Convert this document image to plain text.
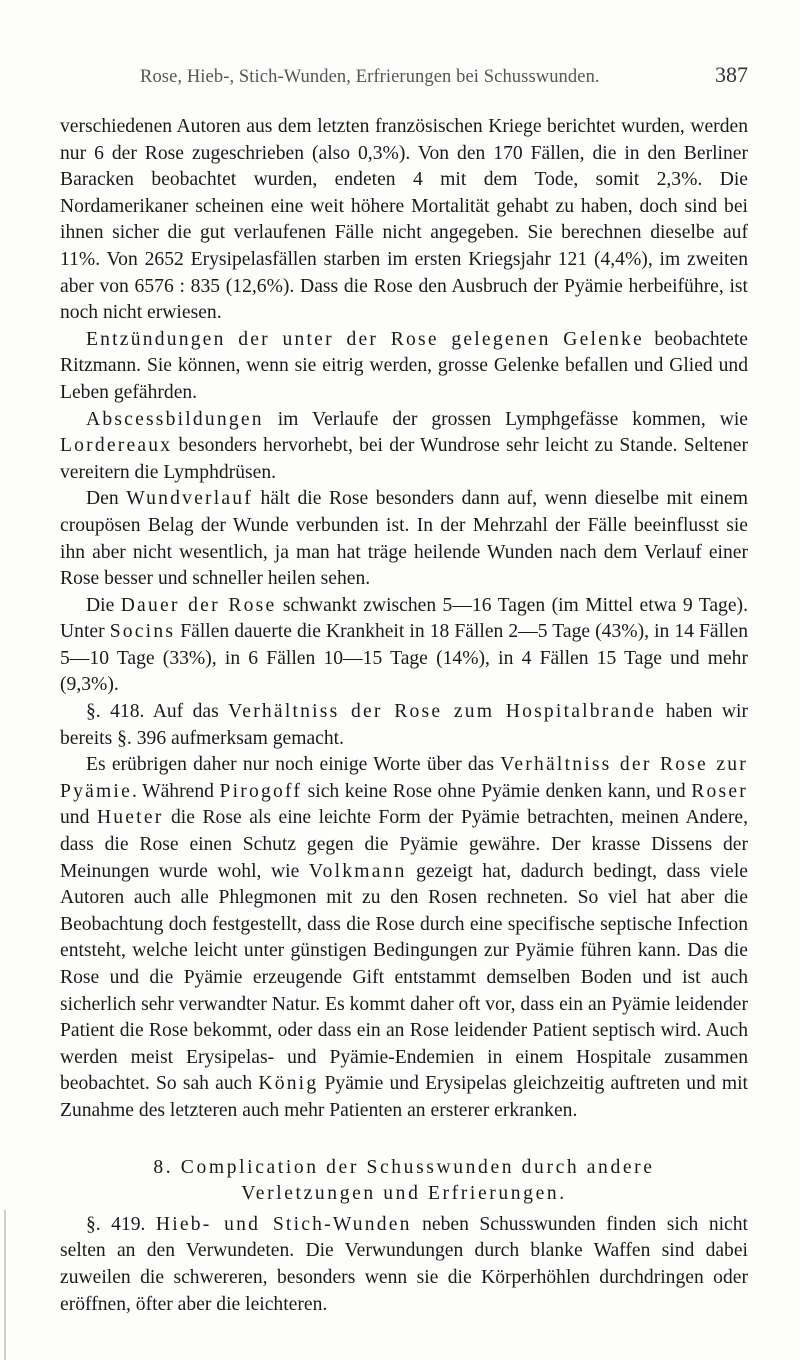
Rose, Hieb-, Stich-Wunden, Erfrierungen bei Schusswunden.	387

verschiedenen Autoren aus dem letzten französischen Kriege berichtet wurden, werden nur 6 der Rose zugeschrieben (also 0,3%). Von den 170 Fällen, die in den Berliner Baracken beobachtet wurden, endeten 4 mit dem Tode, somit 2,3%. Die Nordamerikaner scheinen eine weit höhere Mortalität gehabt zu haben, doch sind bei ihnen sicher die gut verlaufenen Fälle nicht angegeben. Sie berechnen dieselbe auf 11%. Von 2652 Erysipelasfällen starben im ersten Kriegsjahr 121 (4,4%), im zweiten aber von 6576 : 835 (12,6%). Dass die Rose den Ausbruch der Pyämie herbeiführe, ist noch nicht erwiesen.

Entzündungen der unter der Rose gelegenen Gelenke beobachtete Ritzmann. Sie können, wenn sie eitrig werden, grosse Gelenke befallen und Glied und Leben gefährden.

Abscessbildungen im Verlaufe der grossen Lymphgefässe kommen, wie Lordereaux besonders hervorhebt, bei der Wundrose sehr leicht zu Stande. Seltener vereitern die Lymphdrüsen.

Den Wundverlauf hält die Rose besonders dann auf, wenn dieselbe mit einem croupösen Belag der Wunde verbunden ist. In der Mehrzahl der Fälle beeinflusst sie ihn aber nicht wesentlich, ja man hat träge heilende Wunden nach dem Verlauf einer Rose besser und schneller heilen sehen.

Die Dauer der Rose schwankt zwischen 5—16 Tagen (im Mittel etwa 9 Tage). Unter Socins Fällen dauerte die Krankheit in 18 Fällen 2—5 Tage (43%), in 14 Fällen 5—10 Tage (33%), in 6 Fällen 10—15 Tage (14%), in 4 Fällen 15 Tage und mehr (9,3%).

§. 418. Auf das Verhältniss der Rose zum Hospitalbrande haben wir bereits §. 396 aufmerksam gemacht.

Es erübrigen daher nur noch einige Worte über das Verhältniss der Rose zur Pyämie. Während Pirogoff sich keine Rose ohne Pyämie denken kann, und Roser und Hueter die Rose als eine leichte Form der Pyämie betrachten, meinen Andere, dass die Rose einen Schutz gegen die Pyämie gewähre. Der krasse Dissens der Meinungen wurde wohl, wie Volkmann gezeigt hat, dadurch bedingt, dass viele Autoren auch alle Phlegmonen mit zu den Rosen rechneten. So viel hat aber die Beobachtung doch festgestellt, dass die Rose durch eine specifische septische Infection entsteht, welche leicht unter günstigen Bedingungen zur Pyämie führen kann. Das die Rose und die Pyämie erzeugende Gift entstammt demselben Boden und ist auch sicherlich sehr verwandter Natur. Es kommt daher oft vor, dass ein an Pyämie leidender Patient die Rose bekommt, oder dass ein an Rose leidender Patient septisch wird. Auch werden meist Erysipelas- und Pyämie-Endemien in einem Hospitale zusammen beobachtet. So sah auch König Pyämie und Erysipelas gleichzeitig auftreten und mit Zunahme des letzteren auch mehr Patienten an ersterer erkranken.

8. Complication der Schusswunden durch andere
Verletzungen und Erfrierungen.

§. 419. Hieb- und Stich-Wunden neben Schusswunden finden sich nicht selten an den Verwundeten. Die Verwundungen durch blanke Waffen sind dabei zuweilen die schwereren, besonders wenn sie die Körperhöhlen durchdringen oder eröffnen, öfter aber die leichteren.
